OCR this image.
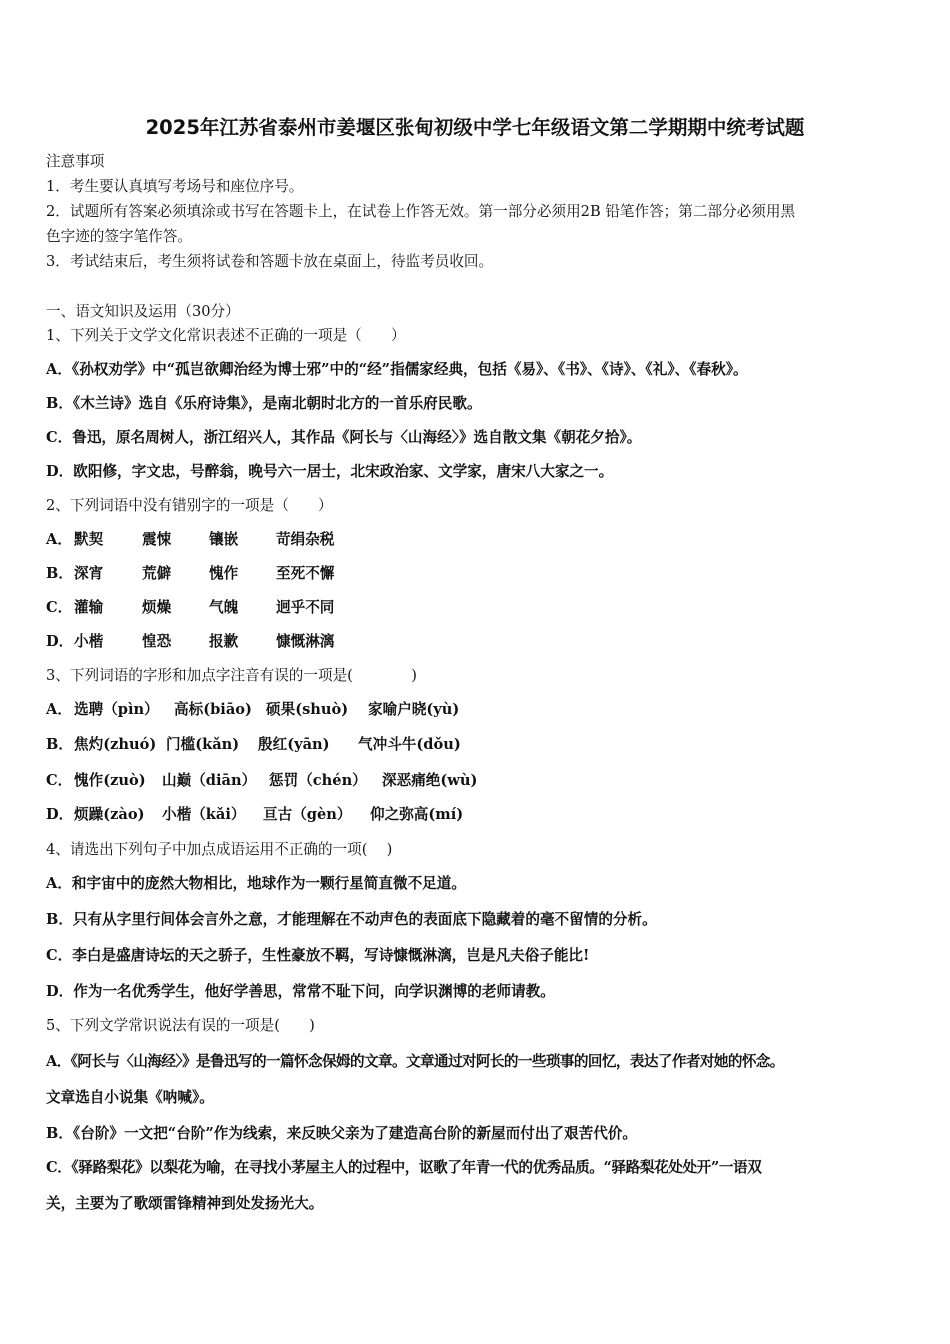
2025年江苏省泰州市姜堰区张甸初级中学七年级语文第二学期期中统考试题
注意事项
1．考生要认真填写考场号和座位序号。
2．试题所有答案必须填涂或书写在答题卡上，在试卷上作答无效。第一部分必须用2B 铅笔作答；第二部分必须用黑
色字迹的签字笔作答。
3．考试结束后，考生须将试卷和答题卡放在桌面上，待监考员收回。
一、语文知识及运用（30分）
1、下列关于文学文化常识表述不正确的一项是（　　）
A．《孙权劝学》中“孤岂欲卿治经为博士邪”中的“经”指儒家经典，包括《易》、《书》、《诗》、《礼》、《春秋》。
B．《木兰诗》选自《乐府诗集》，是南北朝时北方的一首乐府民歌。
C．鲁迅，原名周树人，浙江绍兴人，其作品《阿长与〈山海经〉》选自散文集《朝花夕拾》。
D．欧阳修，字文忠，号醉翁，晚号六一居士，北宋政治家、文学家，唐宋八大家之一。
2、下列词语中没有错别字的一项是（　　）
A． 默契	震悚	镶嵌	苛绢杂税
B．深宵	荒僻	愧作	至死不懈
C． 灌输	烦燥	气魄	迥乎不同
D．小楷	惶恐	报歉	慷慨淋漓
3、下列词语的字形和加点字注音有误的一项是(　　　　)
A． 选聘（pìn） 高标(biāo) 硕果(shuò) 家喻户晓(yù)
B．焦灼(zhuó) 门槛(kǎn) 殷红(yān) 气冲斗牛(dǒu)
C． 愧作(zuò) 山巅（diān） 惩罚（chén） 深恶痛绝(wù)
D．烦躁(zào) 小楷（kǎi） 亘古（gèn） 仰之弥高(mí)
4、请选出下列句子中加点成语运用不正确的一项(　 )
A．和宇宙中的庞然大物相比，地球作为一颗行星简直微不足道。
B．只有从字里行间体会言外之意，才能理解在不动声色的表面底下隐藏着的毫不留情的分析。
C．李白是盛唐诗坛的天之骄子，生性豪放不羁，写诗慷慨淋漓，岂是凡夫俗子能比!
D．作为一名优秀学生，他好学善思，常常不耻下问，向学识渊博的老师请教。
5、下列文学常识说法有误的一项是(　　)
A．《阿长与〈山海经〉》是鲁迅写的一篇怀念保姆的文章。文章通过对阿长的一些琐事的回忆，表达了作者对她的怀念。
文章选自小说集《呐喊》。
B．《台阶》一文把“台阶”作为线索，来反映父亲为了建造高台阶的新屋而付出了艰苦代价。
C．《驿路梨花》以梨花为喻，在寻找小茅屋主人的过程中，讴歌了年青一代的优秀品质。“驿路梨花处处开”一语双
关，主要为了歌颂雷锋精神到处发扬光大。
